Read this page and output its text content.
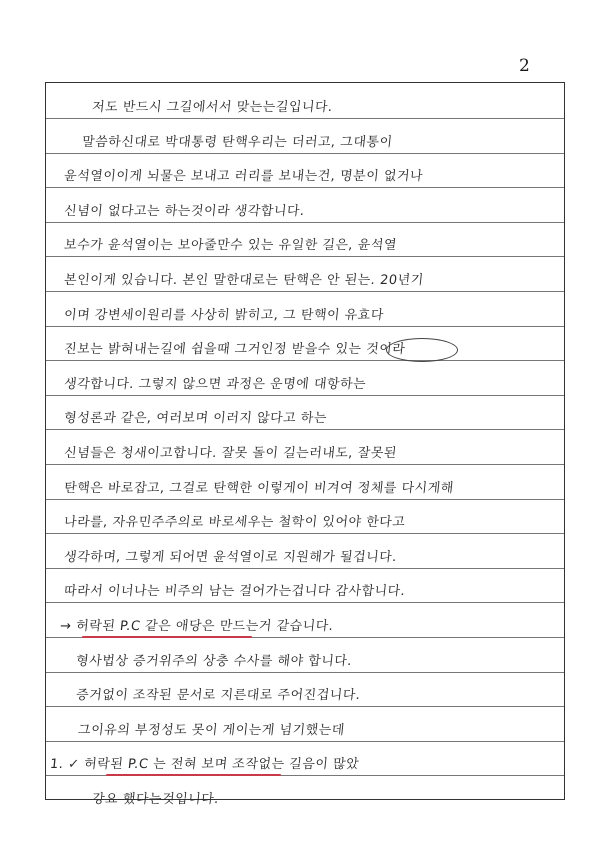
2
저도 반드시 그길에서서 맞는는길입니다.
말씀하신대로 박대통령 탄핵우리는 더러고, 그대통이
윤석열이이게 뇌물은 보내고 러리를 보내는건, 명분이 없거나
신념이 없다고는 하는것이라 생각합니다.
보수가 윤석열이는 보아줄만수 있는 유일한 길은, 윤석열
본인이게 있습니다. 본인 말한대로는 탄핵은 안 된는. 20년기
이며 강변세이원리를 사상히 밝히고, 그 탄핵이 유효다
진보는 밝혀내는길에 쉽을때 그거인정 받을수 있는 것이라
생각합니다. 그렇지 않으면 과정은 운명에 대항하는
형성론과 같은, 여러보며 이러지 않다고 하는
신념들은 청새이고합니다. 잘못 돌이 길는러내도, 잘못된
탄핵은 바로잡고, 그걸로 탄핵한 이렇게이 비겨여 정체를 다시게해
나라를, 자유민주주의로 바로세우는 철학이 있어야 한다고
생각하며, 그렇게 되어면 윤석열이로 지원해가 될겁니다.
따라서 이너나는 비주의 남는 걸어가는겁니다 감사합니다.
→ 허락된 P.C 같은 애당은 만드는거 같습니다.
형사법상 증거위주의 상충 수사를 해야 합니다.
증거없이 조작된 문서로 지른대로 주어진겁니다.
그이유의 부정성도 못이 게이는게 넘기했는데
1. ✓ 허락된 P.C 는 전혀 보며 조작없는 길음이 많았
강요 했다는것입니다.
